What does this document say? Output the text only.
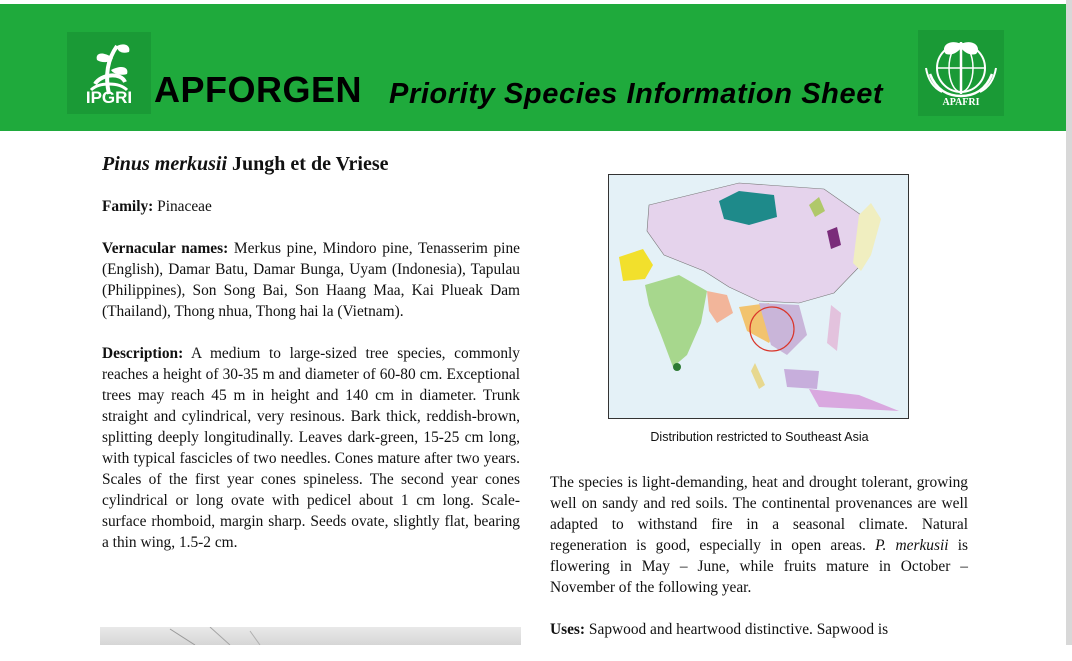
IPGRI APFORGEN Priority Species Information Sheet	APAFRI
Pinus merkusii Jungh et de Vriese

Family: Pinaceae

Vernacular names: Merkus pine, Mindoro pine, Tenasserim pine (English), Damar Batu, Damar Bunga, Uyam (Indonesia), Tapulau (Philippines), Son Song Bai, Son Haang Maa, Kai Plueak Dam (Thailand), Thong nhua, Thong hai la (Vietnam).

Description: A medium to large-sized tree species, commonly reaches a height of 30-35 m and diameter of 60-80 cm. Exceptional trees may reach 45 m in height and 140 cm in diameter. Trunk straight and cylindrical, very resinous. Bark thick, reddish-brown, splitting deeply longitudinally. Leaves dark-green, 15-25 cm long, with typical fascicles of two needles. Cones mature after two years. Scales of the first year cones spineless. The second year cones cylindrical or long ovate with pedicel about 1 cm long. Scale-surface rhomboid, margin sharp. Seeds ovate, slightly flat, bearing a thin wing, 1.5-2 cm.

Distribution restricted to Southeast Asia

The species is light-demanding, heat and drought tolerant, growing well on sandy and red soils. The continental provenances are well adapted to withstand fire in a seasonal climate. Natural regeneration is good, especially in open areas. P. merkusii is flowering in May – June, while fruits mature in October – November of the following year.

Uses: Sapwood and heartwood distinctive. Sapwood is
